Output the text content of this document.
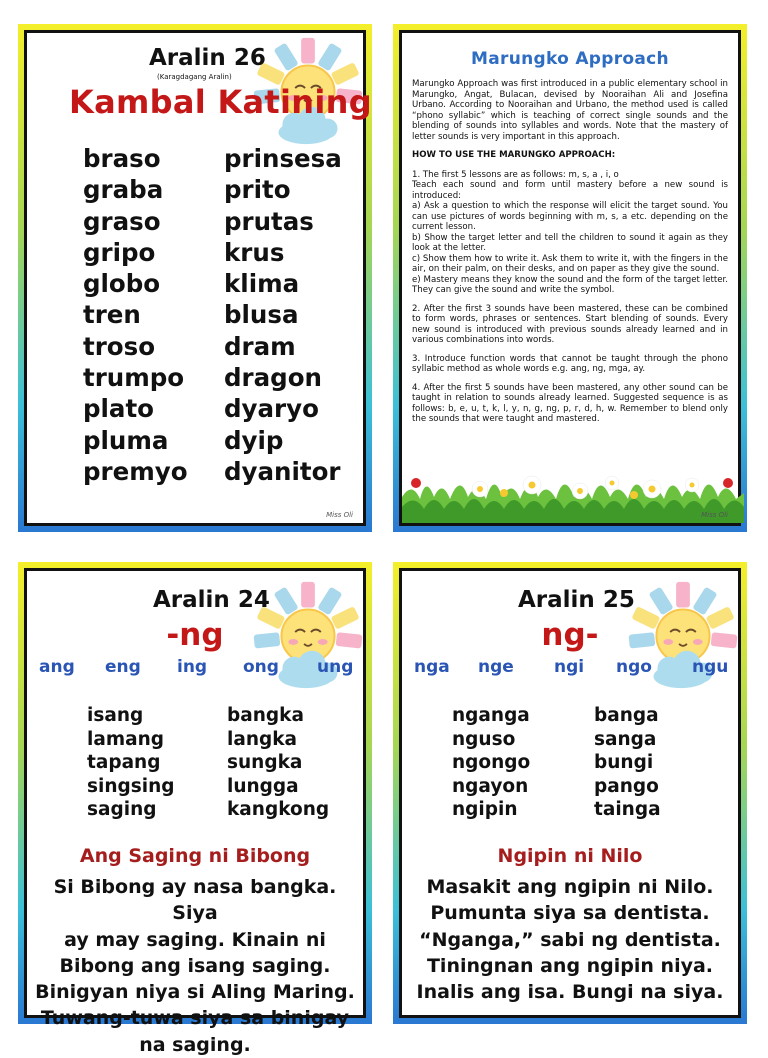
Aralin 26
(Karagdagang Aralin)
Kambal Katining
braso
graba
graso
gripo
globo
tren
troso
trumpo
plato
pluma
premyo
prinsesa
prito
prutas
krus
klima
blusa
dram
dragon
dyaryo
dyip
dyanitor
Miss Oli
Marungko Approach

Marungko Approach was first introduced in a public elementary school in Marungko, Angat, Bulacan, devised by Nooraihan Ali and Josefina Urbano. According to Nooraihan and Urbano, the method used is called “phono syllabic” which is teaching of correct single sounds and the blending of sounds into syllables and words. Note that the mastery of letter sounds is very important in this approach.

HOW TO USE THE MARUNGKO APPROACH:

1. The first 5 lessons are as follows: m, s, a , i, o
Teach each sound and form until mastery before a new sound is introduced:
a) Ask a question to which the response will elicit the target sound. You can use pictures of words beginning with m, s, a etc. depending on the current lesson.
b) Show the target letter and tell the children to sound it again as they look at the letter.
c) Show them how to write it. Ask them to write it, with the fingers in the air, on their palm, on their desks, and on paper as they give the sound.
e) Mastery means they know the sound and the form of the target letter. They can give the sound and write the symbol.

2. After the first 3 sounds have been mastered, these can be combined to form words, phrases or sentences. Start blending of sounds. Every new sound is introduced with previous sounds already learned and in various combinations into words.

3. Introduce function words that cannot be taught through the phono syllabic method as whole words e.g. ang, ng, mga, ay.

4. After the first 5 sounds have been mastered, any other sound can be taught in relation to sounds already learned. Suggested sequence is as follows: b, e, u, t, k, l, y, n, g, ng, p, r, d, h, w. Remember to blend only the sounds that were taught and mastered.

Miss Oli
Aralin 24
-ng
ang eng ing ong ung
isang
lamang
tapang
singsing
saging
bangka
langka
sungka
lungga
kangkong
Ang Saging ni Bibong
Si Bibong ay nasa bangka. Siya
ay may saging. Kinain ni
Bibong ang isang saging.
Binigyan niya si Aling Maring.
Tuwang-tuwa siya sa binigay
na saging.
Aralin 25
ng-
nga nge ngi ngo ngu
nganga
nguso
ngongo
ngayon
ngipin
banga
sanga
bungi
pango
tainga
Ngipin ni Nilo
Masakit ang ngipin ni Nilo.
Pumunta siya sa dentista.
“Nganga,” sabi ng dentista.
Tiningnan ang ngipin niya.
Inalis ang isa. Bungi na siya.
